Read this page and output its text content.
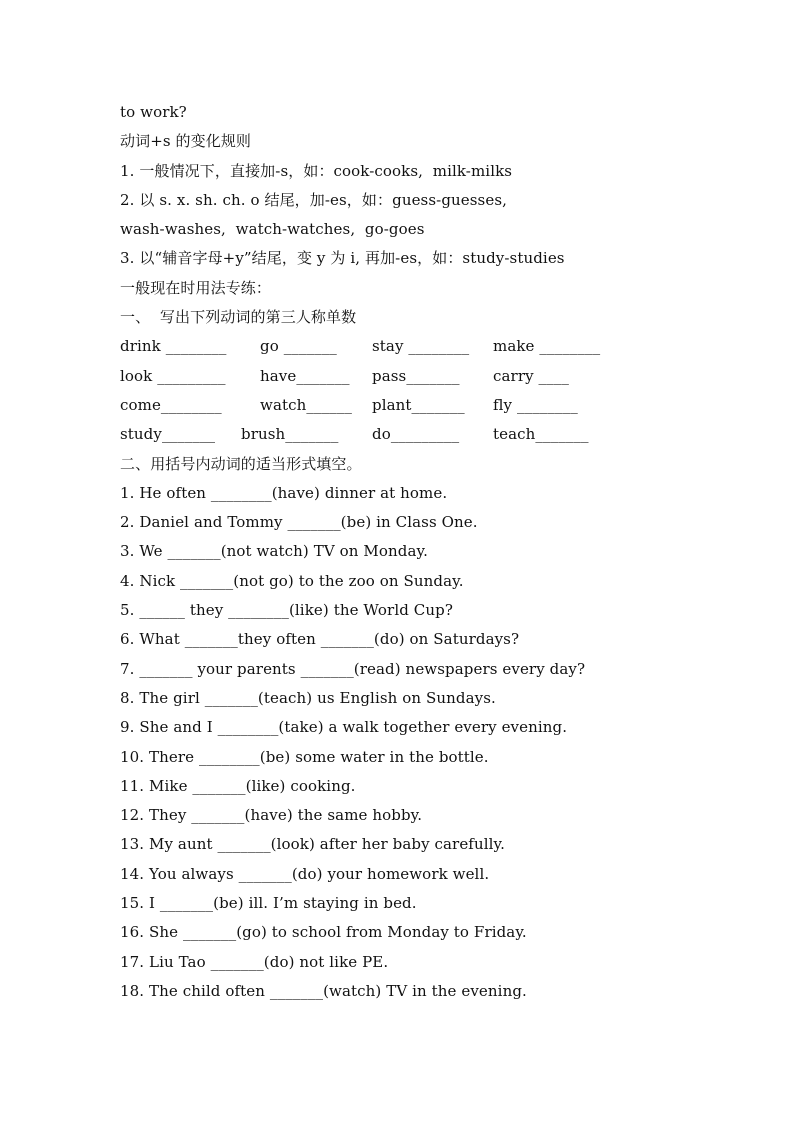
to work?
动词+s 的变化规则
1. 一般情况下，直接加-s，如：cook-cooks,  milk-milks
2. 以 s. x. sh. ch. o 结尾，加-es，如：guess-guesses,
wash-washes,  watch-watches,  go-goes
3. 以“辅音字母+y”结尾，变 y 为 i, 再加-es，如：study-studies
一般现在时用法专练：
一、  写出下列动词的第三人称单数
drink ________	go _______	stay ________	make ________
look _________	have_______	pass_______	carry ____
come________	watch______	plant_______	fly ________
study_______	brush_______	do_________	teach_______
二、用括号内动词的适当形式填空。
1. He often ________(have) dinner at home.
2. Daniel and Tommy _______(be) in Class One.
3. We _______(not watch) TV on Monday.
4. Nick _______(not go) to the zoo on Sunday.
5. ______ they ________(like) the World Cup?
6. What _______they often _______(do) on Saturdays?
7. _______ your parents _______(read) newspapers every day?
8. The girl _______(teach) us English on Sundays.
9. She and I ________(take) a walk together every evening.
10. There ________(be) some water in the bottle.
11. Mike _______(like) cooking.
12. They _______(have) the same hobby.
13. My aunt _______(look) after her baby carefully.
14. You always _______(do) your homework well.
15. I _______(be) ill. I’m staying in bed.
16. She _______(go) to school from Monday to Friday.
17. Liu Tao _______(do) not like PE.
18. The child often _______(watch) TV in the evening.
